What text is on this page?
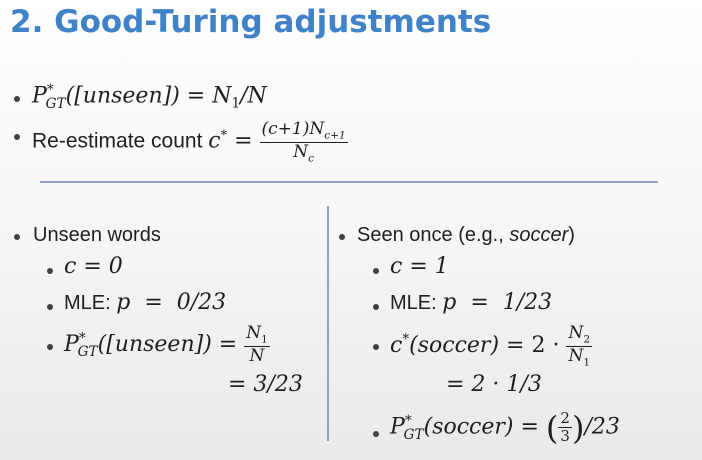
2. Good-Turing adjustments
$P^*_{GT}([unseen]) = N_1/N$
Re-estimate count $c^* = \frac{(c+1)N_{c+1}}{N_c}$
Unseen words
c = 0
MLE: p  =  0/23
$P^*_{GT}([unseen]) = \frac{N_1}{N}$
= 3/23
Seen once (e.g., soccer)
c = 1
MLE: p  =  1/23
c*(soccer) = $2 \cdot \frac{N_2}{N_1}$
= 2 · 1/3
$P^*_{GT}(soccer)$ = ( $\frac{2}{3} )/23$
